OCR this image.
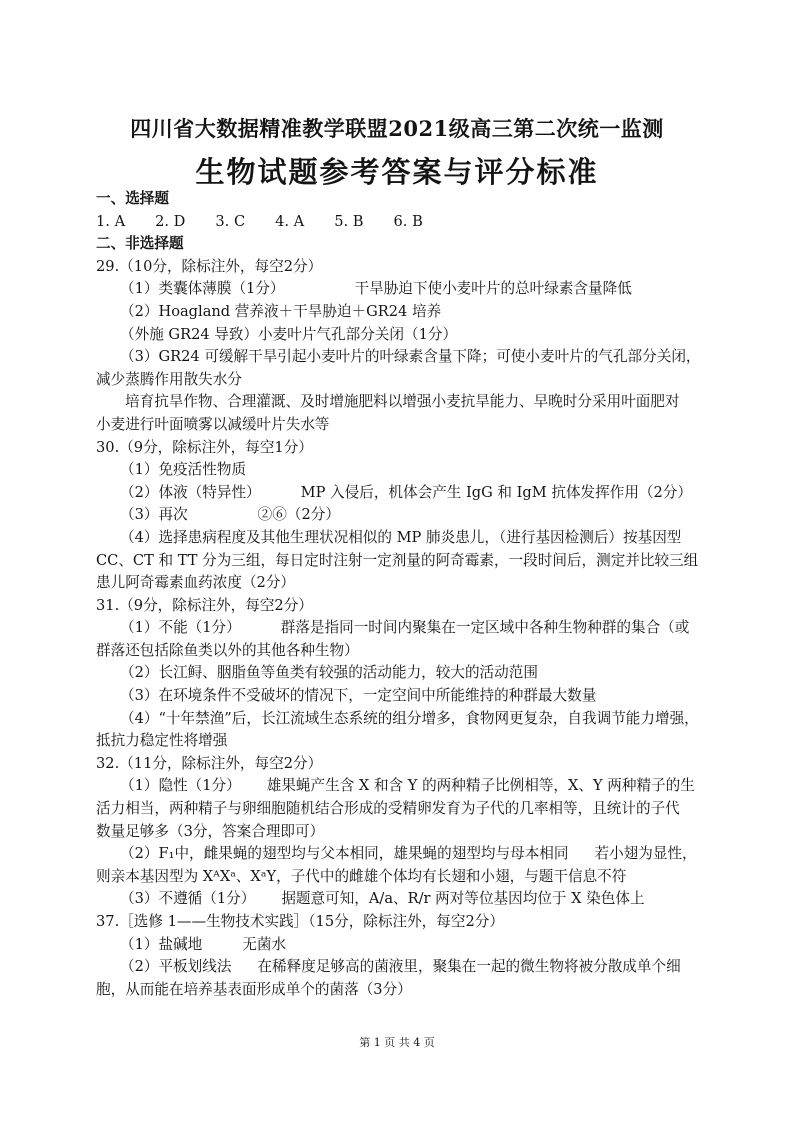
四川省大数据精准教学联盟2021级高三第二次统一监测
生物试题参考答案与评分标准
一、选择题
1. A 2. D 3. C 4. A 5. B 6. B
二、非选择题
29.（10分，除标注外，每空2分）
（1）类囊体薄膜（1分）	干旱胁迫下使小麦叶片的总叶绿素含量降低
（2）Hoagland 营养液＋干旱胁迫＋GR24 培养
（外施 GR24 导致）小麦叶片气孔部分关闭（1分）
（3）GR24 可缓解干旱引起小麦叶片的叶绿素含量下降；可使小麦叶片的气孔部分关闭，
减少蒸腾作用散失水分
培育抗旱作物、合理灌溉、及时增施肥料以增强小麦抗旱能力、早晚时分采用叶面肥对
小麦进行叶面喷雾以减缓叶片失水等
30.（9分，除标注外，每空1分）
（1）免疫活性物质
（2）体液（特异性）	MP 入侵后，机体会产生 IgG 和 IgM 抗体发挥作用（2分）
（3）再次	②⑥（2分）
（4）选择患病程度及其他生理状况相似的 MP 肺炎患儿，（进行基因检测后）按基因型
CC、CT 和 TT 分为三组，每日定时注射一定剂量的阿奇霉素，一段时间后，测定并比较三组
患儿阿奇霉素血药浓度（2分）
31.（9分，除标注外，每空2分）
（1）不能（1分）	群落是指同一时间内聚集在一定区域中各种生物种群的集合（或
群落还包括除鱼类以外的其他各种生物）
（2）长江鲟、胭脂鱼等鱼类有较强的活动能力，较大的活动范围
（3）在环境条件不受破坏的情况下，一定空间中所能维持的种群最大数量
（4）“十年禁渔”后，长江流域生态系统的组分增多，食物网更复杂，自我调节能力增强，
抵抗力稳定性将增强
32.（11分，除标注外，每空2分）
（1）隐性（1分） 雄果蝇产生含 X 和含 Y 的两种精子比例相等，X、Y 两种精子的生
活力相当，两种精子与卵细胞随机结合形成的受精卵发育为子代的几率相等，且统计的子代
数量足够多（3分，答案合理即可）
（2）F₁中，雌果蝇的翅型均与父本相同，雄果蝇的翅型均与母本相同 若小翅为显性，
则亲本基因型为 XᴬXᵃ、XᵃY，子代中的雌雄个体均有长翅和小翅，与题干信息不符
（3）不遵循（1分） 据题意可知，A/a、R/r 两对等位基因均位于 X 染色体上
37.［选修 1——生物技术实践］（15分，除标注外，每空2分）
（1）盐碱地	无菌水
（2）平板划线法 在稀释度足够高的菌液里，聚集在一起的微生物将被分散成单个细
胞，从而能在培养基表面形成单个的菌落（3分）
第 1 页 共 4 页
